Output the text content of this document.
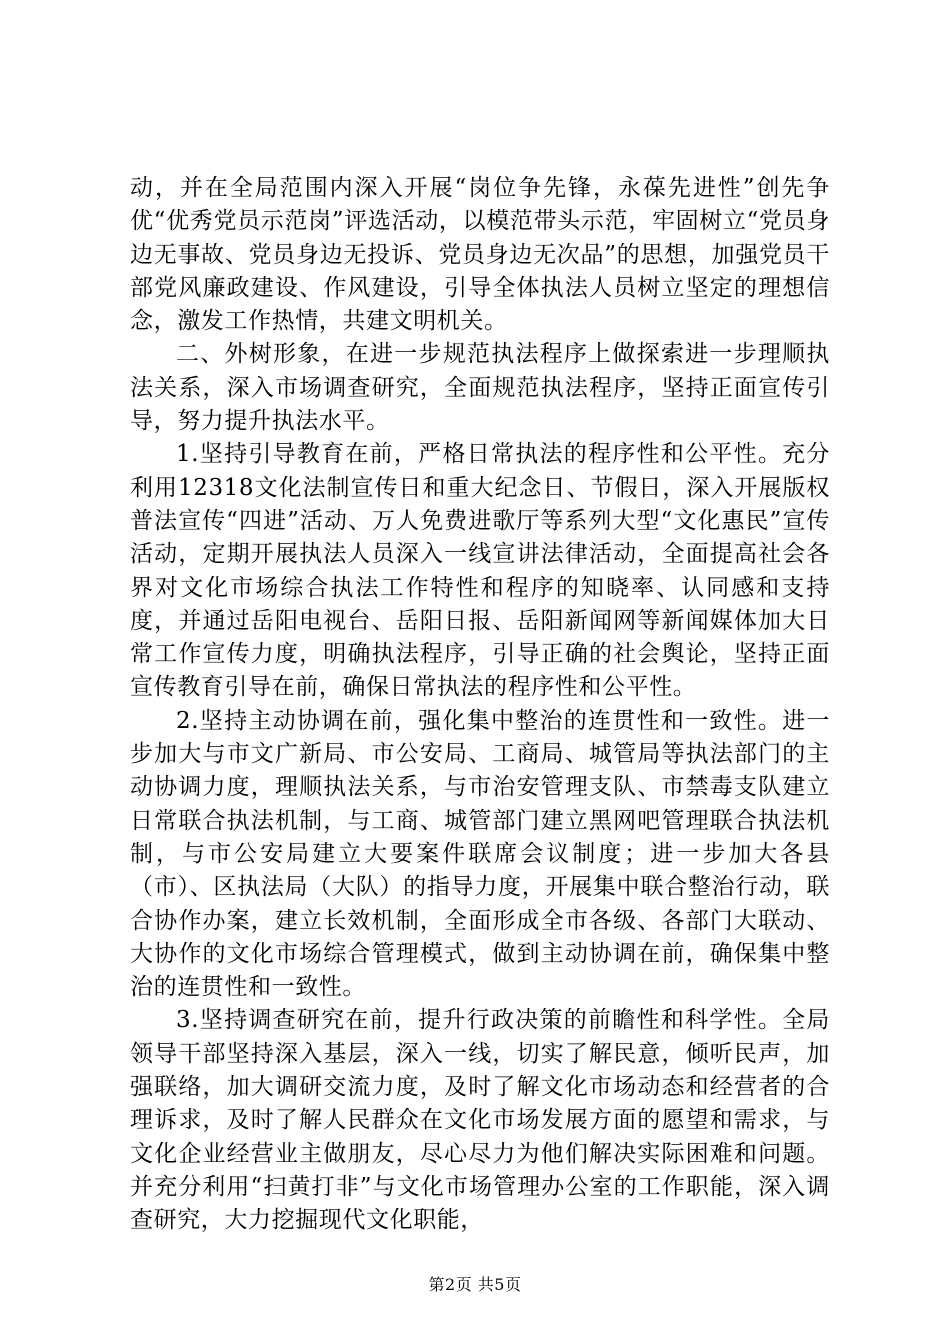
动，并在全局范围内深入开展“岗位争先锋，永葆先进性”创先争优“优秀党员示范岗”评选活动，以模范带头示范，牢固树立“党员身边无事故、党员身边无投诉、党员身边无次品”的思想，加强党员干部党风廉政建设、作风建设，引导全体执法人员树立坚定的理想信念，激发工作热情，共建文明机关。

二、外树形象，在进一步规范执法程序上做探索进一步理顺执法关系，深入市场调查研究，全面规范执法程序，坚持正面宣传引导，努力提升执法水平。

1.坚持引导教育在前，严格日常执法的程序性和公平性。充分利用12318文化法制宣传日和重大纪念日、节假日，深入开展版权普法宣传“四进”活动、万人免费进歌厅等系列大型“文化惠民”宣传活动，定期开展执法人员深入一线宣讲法律活动，全面提高社会各界对文化市场综合执法工作特性和程序的知晓率、认同感和支持度，并通过岳阳电视台、岳阳日报、岳阳新闻网等新闻媒体加大日常工作宣传力度，明确执法程序，引导正确的社会舆论，坚持正面宣传教育引导在前，确保日常执法的程序性和公平性。

2.坚持主动协调在前，强化集中整治的连贯性和一致性。进一步加大与市文广新局、市公安局、工商局、城管局等执法部门的主动协调力度，理顺执法关系，与市治安管理支队、市禁毒支队建立日常联合执法机制，与工商、城管部门建立黑网吧管理联合执法机制，与市公安局建立大要案件联席会议制度；进一步加大各县（市）、区执法局（大队）的指导力度，开展集中联合整治行动，联合协作办案，建立长效机制，全面形成全市各级、各部门大联动、大协作的文化市场综合管理模式，做到主动协调在前，确保集中整治的连贯性和一致性。

3.坚持调查研究在前，提升行政决策的前瞻性和科学性。全局领导干部坚持深入基层，深入一线，切实了解民意，倾听民声，加强联络，加大调研交流力度，及时了解文化市场动态和经营者的合理诉求，及时了解人民群众在文化市场发展方面的愿望和需求，与文化企业经营业主做朋友，尽心尽力为他们解决实际困难和问题。并充分利用“扫黄打非”与文化市场管理办公室的工作职能，深入调查研究，大力挖掘现代文化职能，

第2页 共5页
